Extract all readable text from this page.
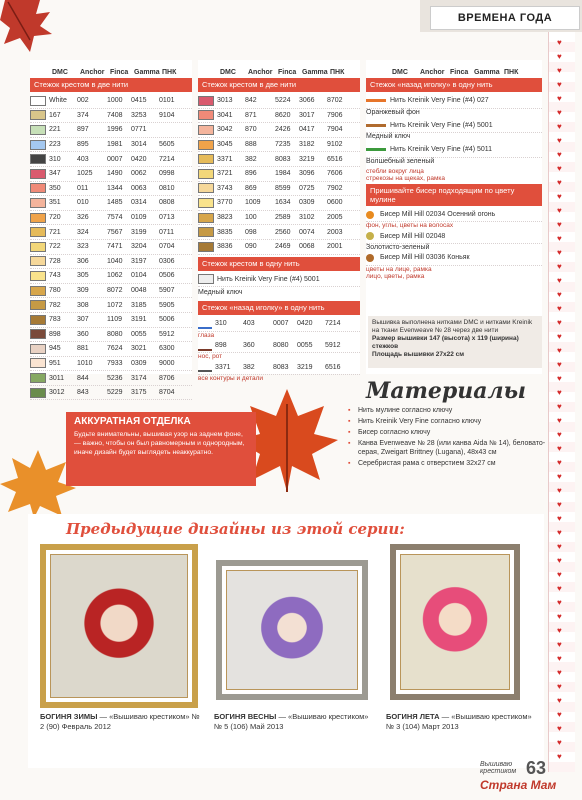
ВРЕМЕНА ГОДА
♥
♥
♥
♥
♥
♥
♥
♥
♥
♥
♥
♥
♥
♥
♥
♥
♥
♥
♥
♥
♥
♥
♥
♥
♥
♥
♥
♥
♥
♥
♥
♥
♥
♥
♥
♥
♥
♥
♥
♥
♥
♥
♥
♥
♥
♥
♥
♥
♥
♥
♥
♥
DMC	Anchor Finca Gamma ПНК
Стежок крестом в две нити
White	002	1000	0415	0101
167	374	7408	3253	9104
221	897	1996	0771
223	895	1981	3014	5605
310	403	0007	0420	7214
347	1025	1490	0062	0998
350	011	1344	0063	0810
351	010	1485	0314	0808
720	326	7574	0109	0713
721	324	7567	3199	0711
722	323	7471	3204	0704
728	306	1040	3197	0306
743	305	1062	0104	0506
780	309	8072	0048	5907
782	308	1072	3185	5905
783	307	1109	3191	5006
898	360	8080	0055	5912
945	881	7624	3021	6300
951	1010	7933	0309	9000
3011	844	5236	3174	8706
3012	843	5229	3175	8704
DMC	Anchor Finca Gamma ПНК
Стежок крестом в две нити
3013	842	5224	3066	8702
3041	871	8620	3017	7906
3042	870	2426	0417	7904
3045	888	7235	3182	9102
3371	382	8083	3219	6516
3721	896	1984	3096	7606
3743	869	8599	0725	7902
3770	1009	1634	0309	0600
3823	100	2589	3102	2005
3835	098	2560	0074	2003
3836	090	2469	0068	2001
Стежок крестом в одну нить
Нить Kreinik Very Fine (#4) 5001
Медный ключ
Стежок «назад иголку» в одну нить
310	403	0007	0420	7214
глаза
898	360	8080	0055	5912
нос, рот
3371	382	8083	3219	6516
все контуры и детали
DMC	Anchor Finca Gamma ПНК
Стежок «назад иголку» в одну нить
Нить Kreinik Very Fine (#4) 027
Оранжевый фон
Нить Kreinik Very Fine (#4) 5001
Медный ключ
Нить Kreinik Very Fine (#4) 5011
Волшебный зеленый
стебли вокруг лица
стрекозы на щеках, рамка
Пришивайте бисер подходящим по цвету мулине
Бисер Mill Hill 02034 Осенний огонь
фон, углы, цветы на волосах
Бисер Mill Hill 02048
Золотисто-зеленый
Бисер Mill Hill 03036 Коньяк
цветы на лице, рамка
лицо, цветы, рамка
Вышивка выполнена нитками DMC и нитками Kreinik на ткани Evenweave № 28 через две нити
Размер вышивки 147 (высота) x 119 (ширина) стежков
Площадь вышивки 27x22 см
АККУРАТНАЯ ОТДЕЛКА
Будьте внимательны, вышивая узор на заднем фоне, — важно, чтобы он был равномерным и однородным, иначе дизайн будет выглядеть неаккуратно.
Материалы
▪ Нить мулине согласно ключу
▪ Нить Kreinik Very Fine согласно ключу
▪ Бисер согласно ключу
▪ Канва Evenweave № 28 (или канва Aida № 14), беловато-серая, Zweigart Brittney (Lugana), 48x43 см
▪ Серебристая рама с отверстием 32x27 см
Предыдущие дизайны из этой серии:
БОГИНЯ ЗИМЫ — «Вышиваю крестиком» № 2 (90) Февраль 2012
БОГИНЯ ВЕСНЫ — «Вышиваю крестиком» № 5 (106) Май 2013
БОГИНЯ ЛЕТА — «Вышиваю крестиком» № 3 (104) Март 2013
Вышиваю
крестиком 63
Страна Мам
